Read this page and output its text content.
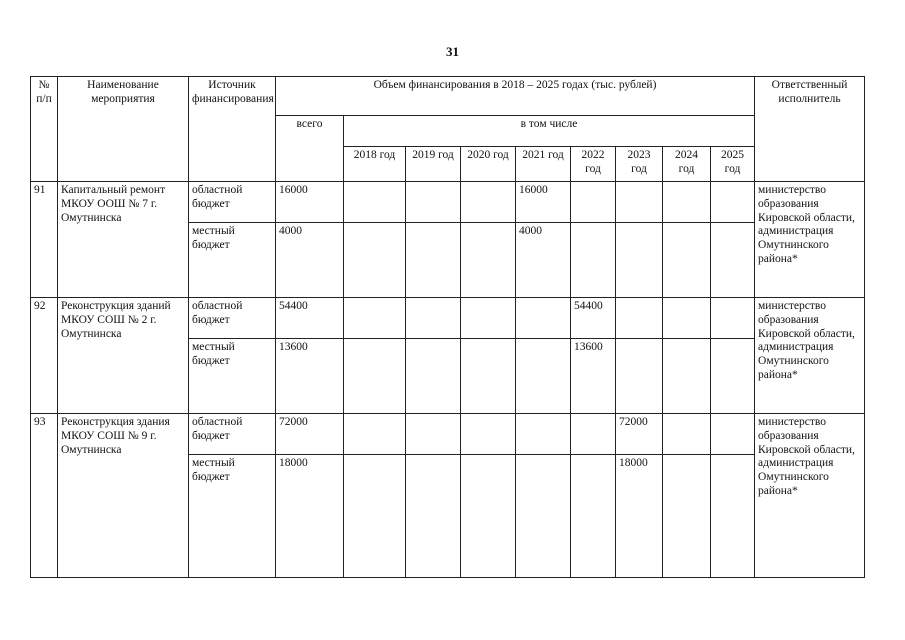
31
№ п/п	Наименование мероприятия	Источник финансирования	Объем финансирования в 2018 – 2025 годах (тыс. рублей)									Ответственный исполнитель
			всего	в том числе								
				2018 год	2019 год	2020 год	2021 год	2022 год	2023 год	2024 год	2025 год	
91	Капитальный ремонт МКОУ ООШ № 7 г. Омутнинска	областной бюджет	16000				16000					министерство образования Кировской области, администрация Омутнинского района*
		местный бюджет	4000				4000					
92	Реконструкция зданий МКОУ СОШ № 2 г. Омутнинска	областной бюджет	54400					54400				министерство образования Кировской области, администрация Омутнинского района*
		местный бюджет	13600					13600				
93	Реконструкция здания МКОУ СОШ № 9 г. Омутнинска	областной бюджет	72000						72000			министерство образования Кировской области, администрация Омутнинского района*
		местный бюджет	18000						18000			
